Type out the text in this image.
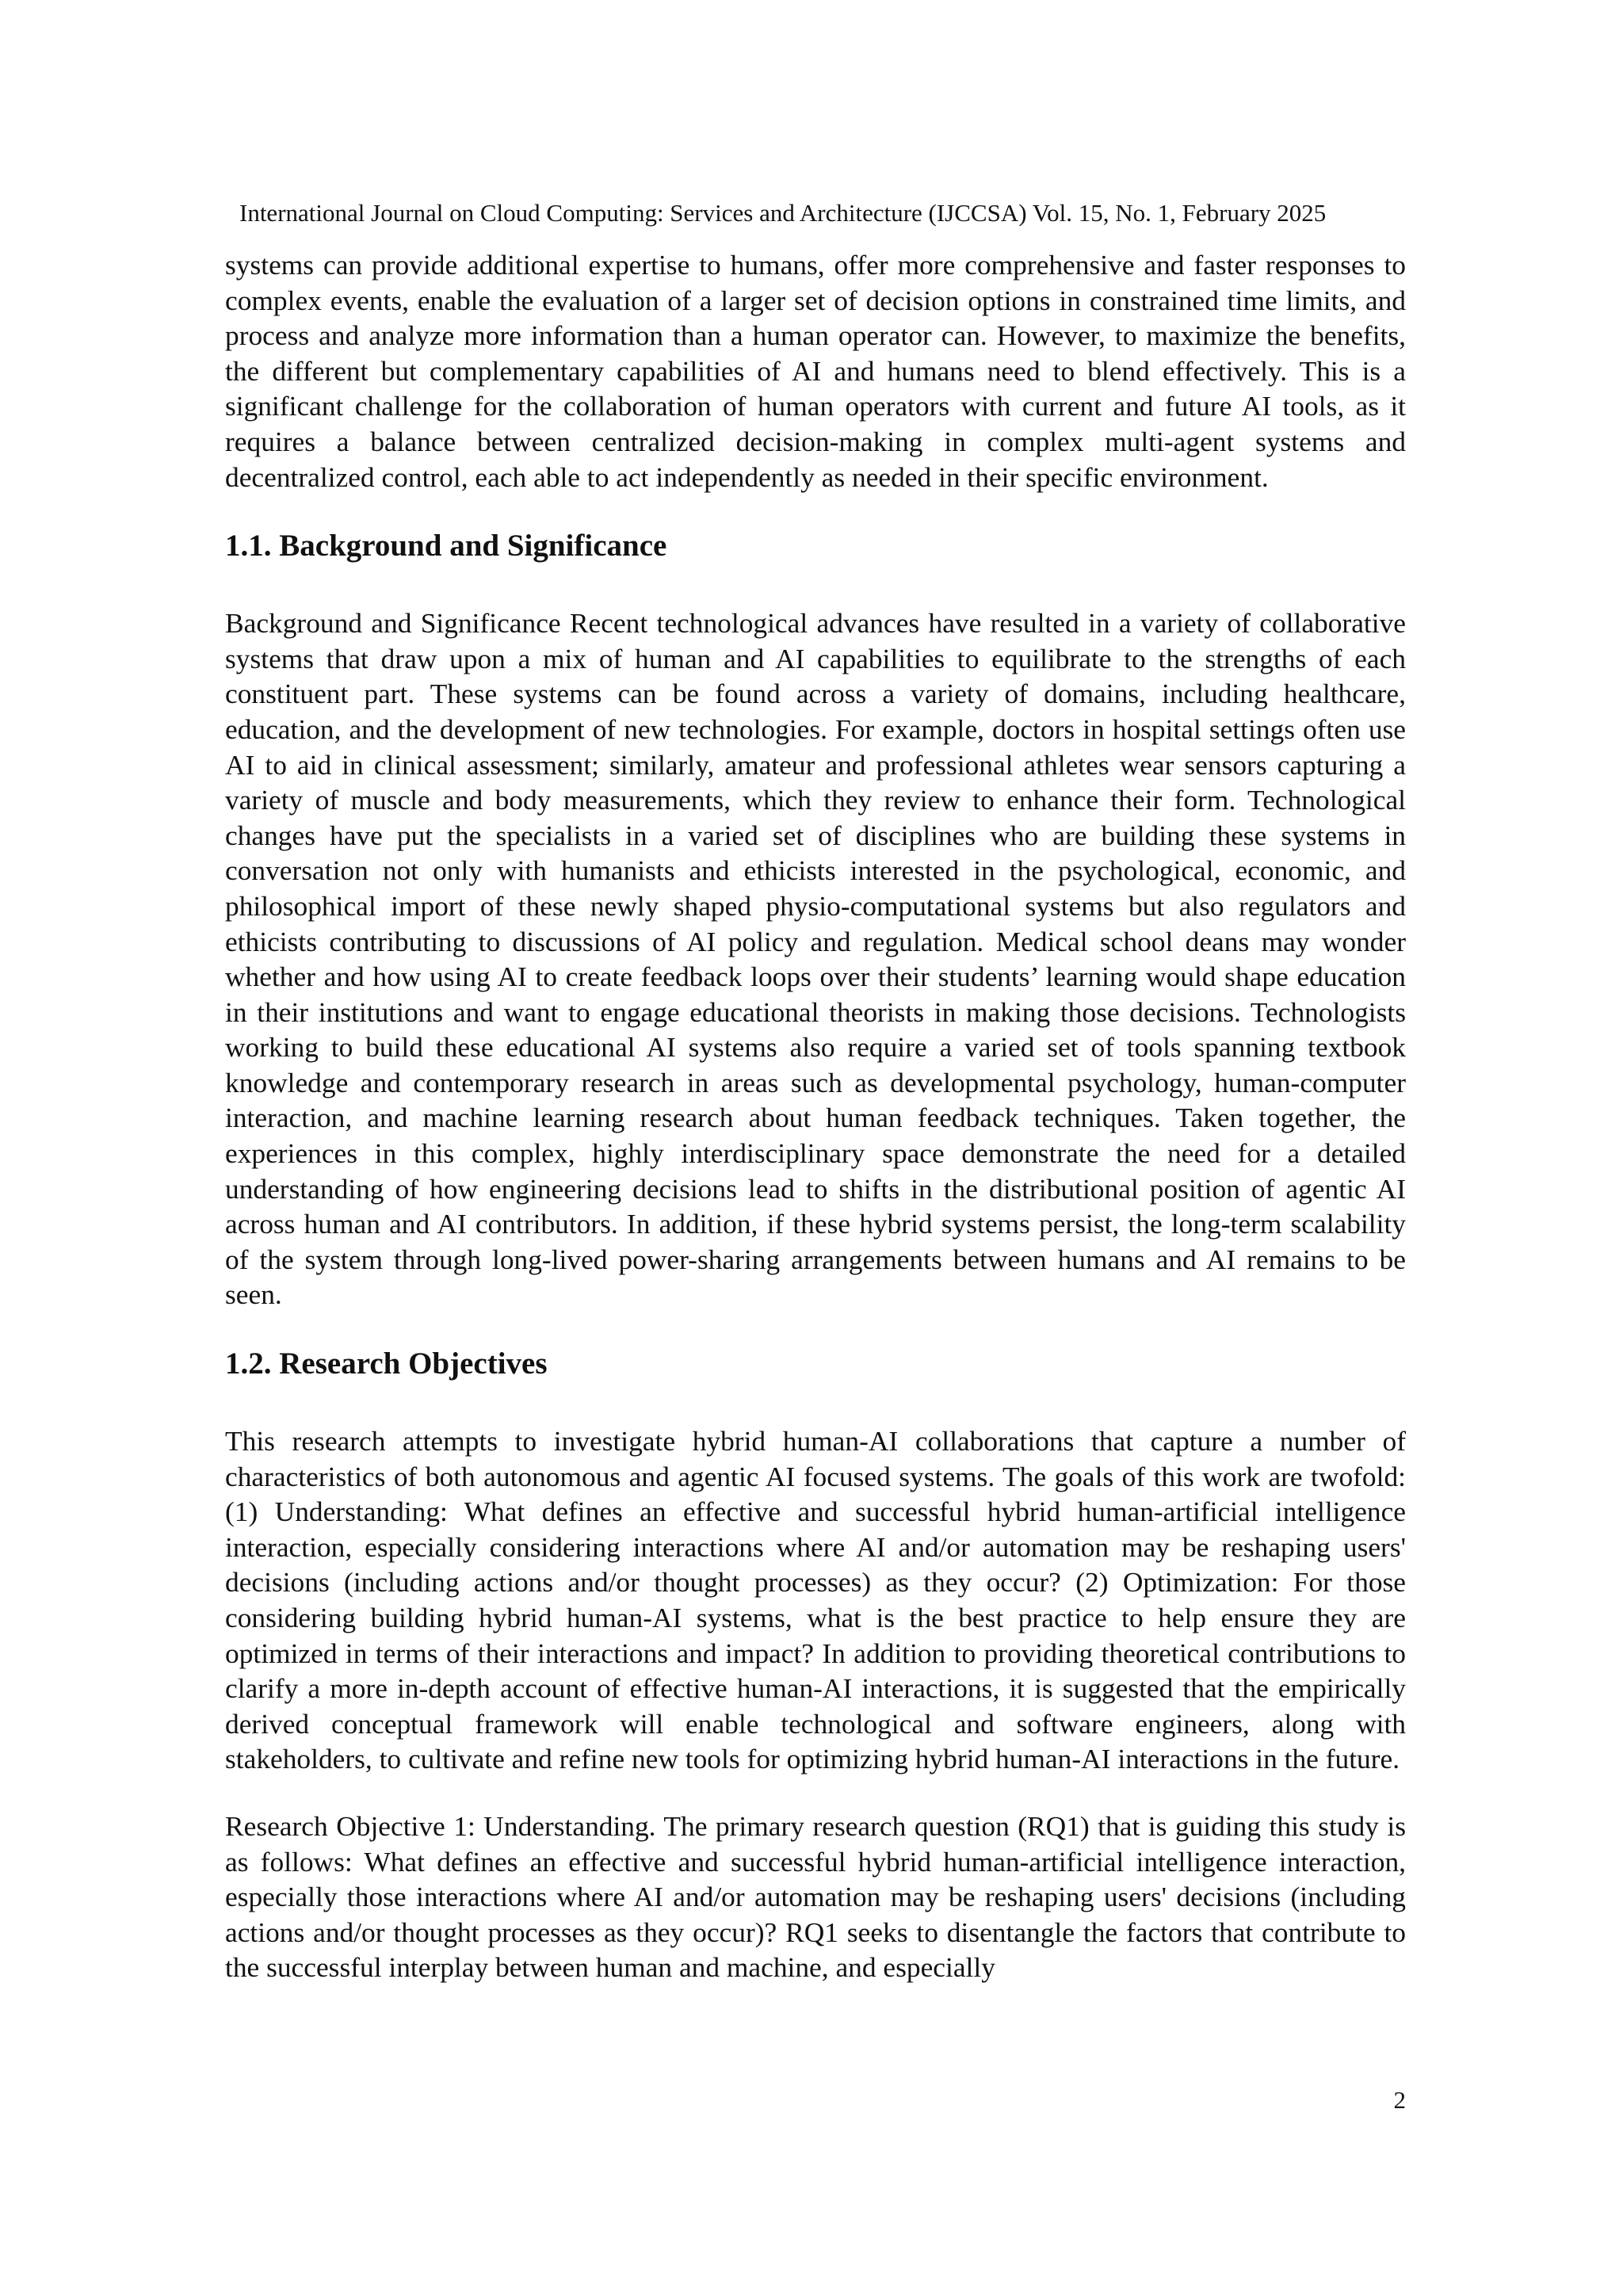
International Journal on Cloud Computing: Services and Architecture (IJCCSA) Vol. 15, No. 1, February 2025

systems can provide additional expertise to humans, offer more comprehensive and faster responses to complex events, enable the evaluation of a larger set of decision options in constrained time limits, and process and analyze more information than a human operator can. However, to maximize the benefits, the different but complementary capabilities of AI and humans need to blend effectively. This is a significant challenge for the collaboration of human operators with current and future AI tools, as it requires a balance between centralized decision-making in complex multi-agent systems and decentralized control, each able to act independently as needed in their specific environment.

1.1. Background and Significance

Background and Significance Recent technological advances have resulted in a variety of collaborative systems that draw upon a mix of human and AI capabilities to equilibrate to the strengths of each constituent part. These systems can be found across a variety of domains, including healthcare, education, and the development of new technologies. For example, doctors in hospital settings often use AI to aid in clinical assessment; similarly, amateur and professional athletes wear sensors capturing a variety of muscle and body measurements, which they review to enhance their form. Technological changes have put the specialists in a varied set of disciplines who are building these systems in conversation not only with humanists and ethicists interested in the psychological, economic, and philosophical import of these newly shaped physio-computational systems but also regulators and ethicists contributing to discussions of AI policy and regulation. Medical school deans may wonder whether and how using AI to create feedback loops over their students’ learning would shape education in their institutions and want to engage educational theorists in making those decisions. Technologists working to build these educational AI systems also require a varied set of tools spanning textbook knowledge and contemporary research in areas such as developmental psychology, human-computer interaction, and machine learning research about human feedback techniques. Taken together, the experiences in this complex, highly interdisciplinary space demonstrate the need for a detailed understanding of how engineering decisions lead to shifts in the distributional position of agentic AI across human and AI contributors. In addition, if these hybrid systems persist, the long-term scalability of the system through long-lived power-sharing arrangements between humans and AI remains to be seen.

1.2. Research Objectives

This research attempts to investigate hybrid human-AI collaborations that capture a number of characteristics of both autonomous and agentic AI focused systems. The goals of this work are twofold: (1) Understanding: What defines an effective and successful hybrid human-artificial intelligence interaction, especially considering interactions where AI and/or automation may be reshaping users' decisions (including actions and/or thought processes) as they occur? (2) Optimization: For those considering building hybrid human-AI systems, what is the best practice to help ensure they are optimized in terms of their interactions and impact? In addition to providing theoretical contributions to clarify a more in-depth account of effective human-AI interactions, it is suggested that the empirically derived conceptual framework will enable technological and software engineers, along with stakeholders, to cultivate and refine new tools for optimizing hybrid human-AI interactions in the future.

Research Objective 1: Understanding. The primary research question (RQ1) that is guiding this study is as follows: What defines an effective and successful hybrid human-artificial intelligence interaction, especially those interactions where AI and/or automation may be reshaping users' decisions (including actions and/or thought processes as they occur)? RQ1 seeks to disentangle the factors that contribute to the successful interplay between human and machine, and especially

2
